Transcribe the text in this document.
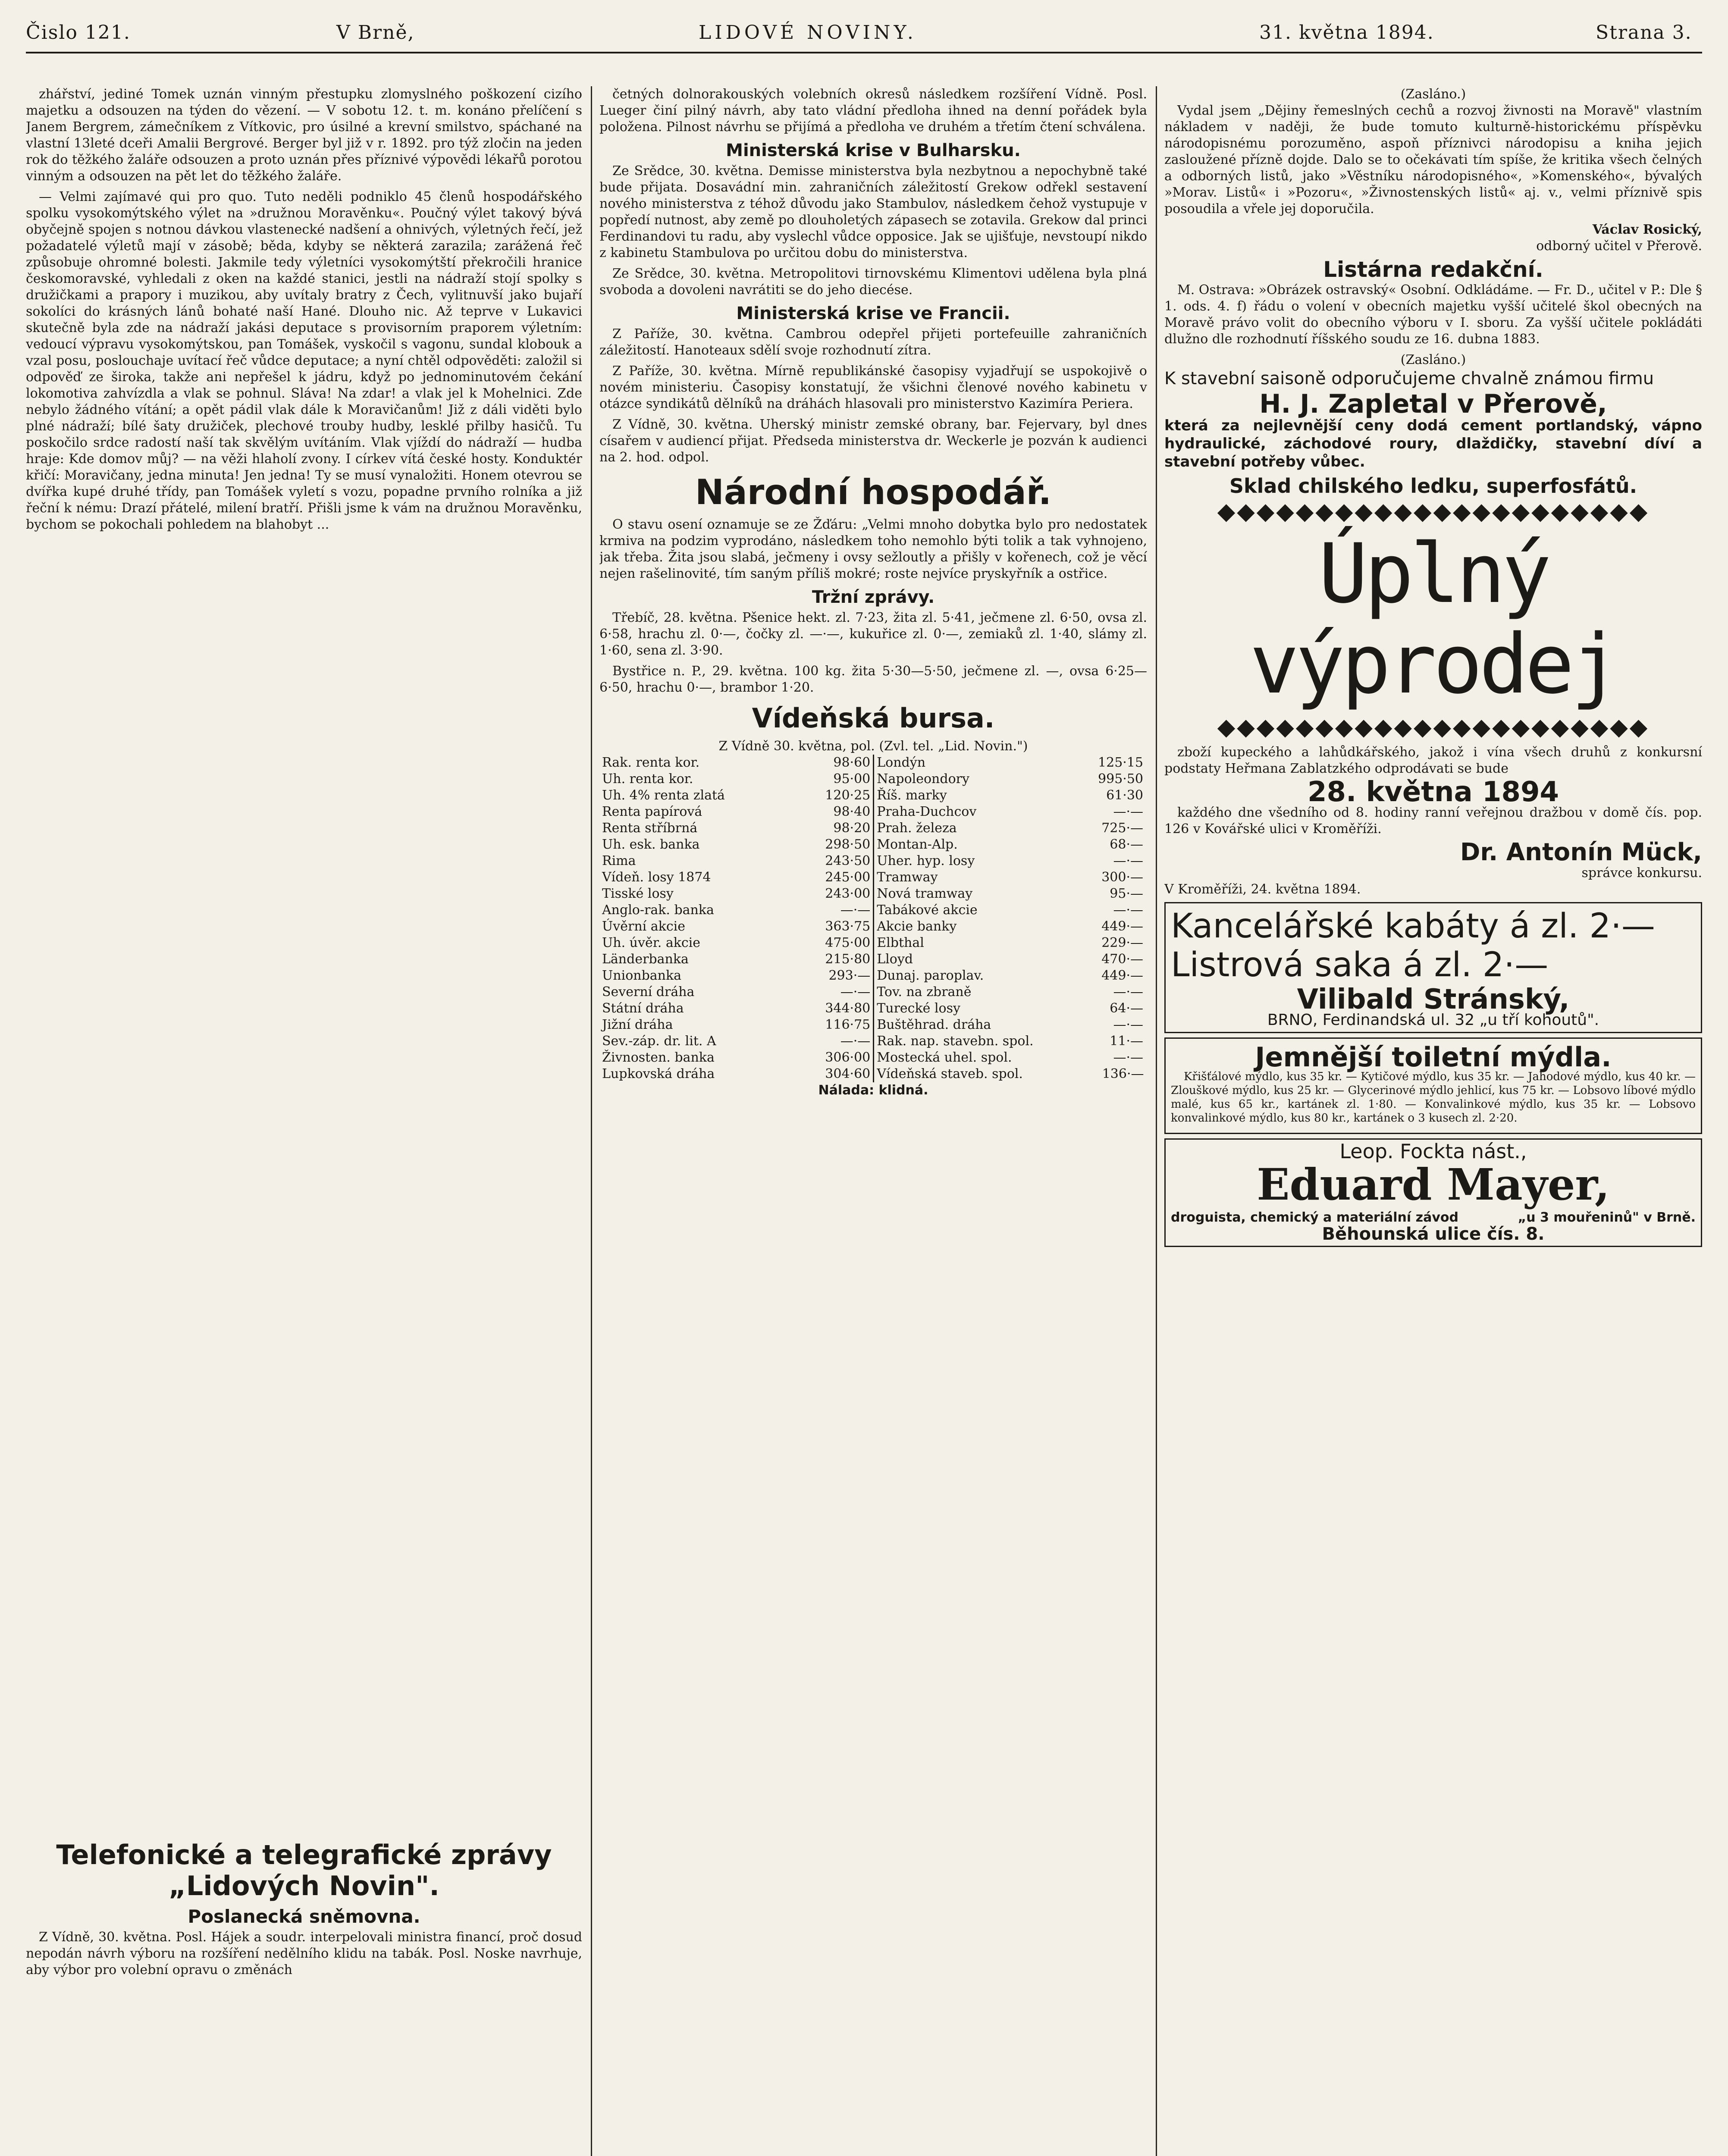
Čislo 121.	V Brně,	LIDOVÉ NOVINY.	31. května 1894.	Strana 3.

zhářství, jediné Tomek uznán vinným přestupku zlomyslného poškození cizího majetku a odsouzen na týden do vězení. — V sobotu 12. t. m. konáno přelíčení s Janem Bergrem, zámečníkem z Vítkovic, pro úsilné a krevní smilstvo, spáchané na vlastní 13leté dceři Amalii Bergrové. Berger byl již v r. 1892. pro týž zločin na jeden rok do těžkého žaláře odsouzen a proto uznán přes příznivé výpovědi lékařů porotou vinným a odsouzen na pět let do těžkého žaláře.

— Velmi zajímavé qui pro quo. Tuto neděli podniklo 45 členů hospodářského spolku vysokomýtského výlet na »družnou Moravěnku«. Poučný výlet takový bývá obyčejně spojen s notnou dávkou vlastenecké nadšení a ohnivých, výletných řečí, jež požadatelé výletů mají v zásobě; běda, kdyby se některá zarazila; zarážená řeč způsobuje ohromné bolesti. Jakmile tedy výletníci vysokomýtští překročili hranice českomoravské, vyhledali z oken na každé stanici, jestli na nádraží stojí spolky s družičkami a prapory i muzikou, aby uvítaly bratry z Čech, vylitnuvší jako bujaří sokolíci do krásných lánů bohaté naší Hané. Dlouho nic. Až teprve v Lukavici skutečně byla zde na nádraží jakási deputace s provisorním praporem výletním: vedoucí výpravu vysokomýtskou, pan Tomášek, vyskočil s vagonu, sundal klobouk a vzal posu, poslouchaje uvítací řeč vůdce deputace; a nyní chtěl odpověděti: založil si odpověď ze široka, takže ani nepřešel k jádru, když po jednominutovém čekání lokomotiva zahvízdla a vlak se pohnul. Sláva! Na zdar! a vlak jel k Mohelnici. Zde nebylo žádného vítání; a opět pádil vlak dále k Moravičanům! Již z dáli viděti bylo plné nádraží; bílé šaty družiček, plechové trouby hudby, lesklé přilby hasičů. Tu poskočilo srdce radostí naší tak skvělým uvítáním. Vlak vjíždí do nádraží — hudba hraje: Kde domov můj? — na věži hlaholí zvony. I církev vítá české hosty. Konduktér křičí: Moravičany, jedna minuta! Jen jedna! Ty se musí vynaložiti. Honem otevrou se dvířka kupé druhé třídy, pan Tomášek vyletí s vozu, popadne prvního rolníka a již řeční k nému: Drazí přátelé, milení bratří. Přišli jsme k vám na družnou Moravěnku, bychom se pokochali pohledem na blahobyt ...

Telefonické a telegrafické zprávy „Lidových Novin".
Poslanecká sněmovna.

Z Vídně, 30. května. Posl. Hájek a soudr. interpelovali ministra financí, proč dosud nepodán návrh výboru na rozšíření nedělního klidu na tabák. Posl. Noske navrhuje, aby výbor pro volební opravu o změnách

četných dolnorakouských volebních okresů následkem rozšíření Vídně. Posl. Lueger činí pilný návrh, aby tato vládní předloha ihned na denní pořádek byla položena. Pilnost návrhu se přijímá a předloha ve druhém a třetím čtení schválena.

Ministerská krise v Bulharsku.

Ze Srědce, 30. května. Demisse ministerstva byla nezbytnou a nepochybně také bude přijata. Dosavádní min. zahraničních záležitostí Grekow odřekl sestavení nového ministerstva z téhož důvodu jako Stambulov, následkem čehož vystupuje v popředí nutnost, aby země po dlouholetých zápasech se zotavila. Grekow dal princi Ferdinandovi tu radu, aby vyslechl vůdce opposice. Jak se ujišťuje, nevstoupí nikdo z kabinetu Stambulova po určitou dobu do ministerstva.

Ze Srědce, 30. května. Metropolitovi tirnovskému Klimentovi udělena byla plná svoboda a dovoleni navrátiti se do jeho diecése.

Ministerská krise ve Francii.

Z Paříže, 30. května. Cambrou odepřel přijeti portefeuille zahraničních záležitostí. Hanoteaux sdělí svoje rozhodnutí zítra.

Z Paříže, 30. května. Mírně republikánské časopisy vyjadřují se uspokojivě o novém ministeriu. Časopisy konstatují, že všichni členové nového kabinetu v otázce syndikátů dělníků na dráhách hlasovali pro ministerstvo Kazimíra Periera.

Z Vídně, 30. května. Uherský ministr zemské obrany, bar. Fejervary, byl dnes císařem v audiencí přijat. Předseda ministerstva dr. Weckerle je pozván k audienci na 2. hod. odpol.

Národní hospodář.

O stavu osení oznamuje se ze Žďáru: „Velmi mnoho dobytka bylo pro nedostatek krmiva na podzim vyprodáno, následkem toho nemohlo býti tolik a tak vyhnojeno, jak třeba. Žita jsou slabá, ječmeny i ovsy sežloutly a přišly v kořenech, což je věcí nejen rašelinovité, tím saným příliš mokré; roste nejvíce pryskyřník a ostřice.

Tržní zprávy.

Třebíč, 28. května. Pšenice hekt. zl. 7·23, žita zl. 5·41, ječmene zl. 6·50, ovsa zl. 6·58, hrachu zl. 0·—, čočky zl. —·—, kukuřice zl. 0·—, zemiaků zl. 1·40, slámy zl. 1·60, sena zl. 3·90.

Bystřice n. P., 29. května. 100 kg. žita 5·30—5·50, ječmene zl. —, ovsa 6·25—6·50, hrachu 0·—, brambor 1·20.

Vídeňská bursa.
Z Vídně 30. května, pol. (Zvl. tel. „Lid. Novin.")
Rak. renta kor.	98·60
Uh. renta kor.	95·00
Uh. 4% renta zlatá	120·25
Renta papírová	98·40
Renta stříbrná	98·20
Uh. esk. banka	298·50
Rima	243·50
Vídeň. losy 1874	245·00
Tisské losy	243·00
Anglo-rak. banka	—·—
Úvěrní akcie	363·75
Uh. úvěr. akcie	475·00
Länderbanka	215·80
Unionbanka	293·—
Severní dráha	—·—
Státní dráha	344·80
Jižní dráha	116·75
Sev.-záp. dr. lit. A	—·—
Živnosten. banka	306·00
Lupkovská dráha	304·60
Londýn	125·15
Napoleondory	995·50
Říš. marky	61·30
Praha-Duchcov	—·—
Prah. železa	725·—
Montan-Alp.	68·—
Uher. hyp. losy	—·—
Tramway	300·—
Nová tramway	95·—
Tabákové akcie	—·—
Akcie banky	449·—
Elbthal	229·—
Lloyd	470·—
Dunaj. paroplav.	449·—
Tov. na zbraně	—·—
Turecké losy	64·—
Buštěhrad. dráha	—·—
Rak. nap. stavebn. spol.	11·—
Mostecká uhel. spol.	—·—
Vídeňská staveb. spol.	136·—
Nálada: klidná.
(Zasláno.)

Vydal jsem „Dějiny řemeslných cechů a rozvoj živnosti na Moravě" vlastním nákladem v naději, že bude tomuto kulturně-historickému příspěvku národopisnému porozuměno, aspoň příznivci národopisu a kniha jejich zasloužené přízně dojde. Dalo se to očekávati tím spíše, že kritika všech čelných a odborných listů, jako »Věstníku národopisného«, »Komenského«, bývalých »Morav. Listů« i »Pozoru«, »Živnostenských listů« aj. v., velmi příznivě spis posoudila a vřele jej doporučila.

Václav Rosický,
odborný učitel v Přerově.
Listárna redakční.

M. Ostrava: »Obrázek ostravský« Osobní. Odkládáme. — Fr. D., učitel v P.: Dle § 1. ods. 4. f) řádu o volení v obecních majetku vyšší učitelé škol obecných na Moravě právo volit do obecního výboru v I. sboru. Za vyšší učitele pokládáti dlužno dle rozhodnutí říšského soudu ze 16. dubna 1883.

(Zasláno.)
K stavební saisoně odporučujeme chvalně známou firmu
H. J. Zapletal v Přerově,
která za nejlevnější ceny dodá cement portlandský, vápno hydraulické, záchodové roury, dlaždičky, stavební díví a stavební potřeby vůbec.
Sklad chilského ledku, superfosfátů.
◆◆◆◆◆◆◆◆◆◆◆◆◆◆◆◆◆◆◆◆◆◆
Úplný výprodej
◆◆◆◆◆◆◆◆◆◆◆◆◆◆◆◆◆◆◆◆◆◆

zboží kupeckého a lahůdkářského, jakož i vína všech druhů z konkursní podstaty Heřmana Zablatzkého odprodávati se bude

28. května 1894

každého dne všedního od 8. hodiny ranní veřejnou dražbou v domě čís. pop. 126 v Kovářské ulici v Kroměříži.

Dr. Antonín Mück,
správce konkursu.
V Kroměříži, 24. května 1894.
Kancelářské kabáty á zl. 2·—
Listrová saka á zl. 2·—
Vilibald Stránský,
BRNO, Ferdinandská ul. 32 „u tří kohoutů".
Jemnější toiletní mýdla.

Křišťálové mýdlo, kus 35 kr. — Kytičové mýdlo, kus 35 kr. — Jahodové mýdlo, kus 40 kr. — Zlouškové mýdlo, kus 25 kr. — Glycerinové mýdlo jehlicí, kus 75 kr. — Lobsovo líbové mýdlo malé, kus 65 kr., kartánek zl. 1·80. — Konvalinkové mýdlo, kus 35 kr. — Lobsovo konvalinkové mýdlo, kus 80 kr., kartánek o 3 kusech zl. 2·20.

Leop. Fockta nást.,
Eduard Mayer,
droguista, chemický a materiální závod	„u 3 mouřeninů" v Brně.
Běhounská ulice čís. 8.
